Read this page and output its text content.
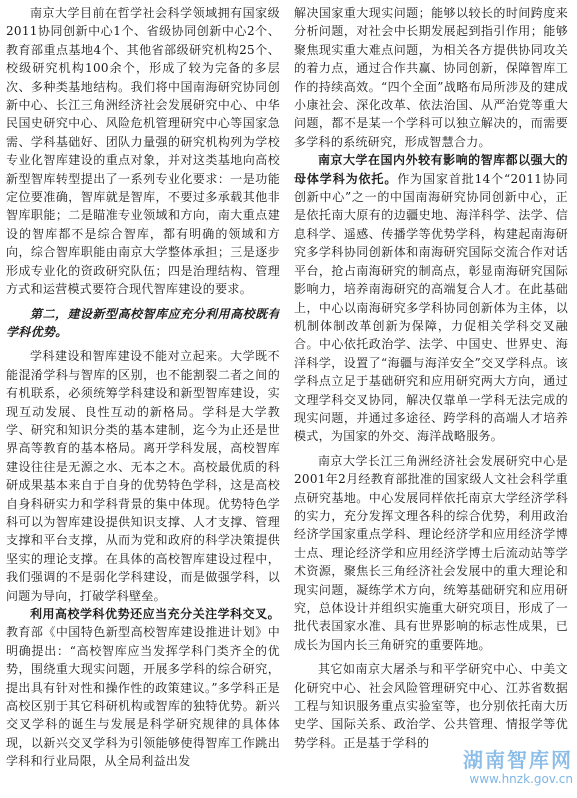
南京大学目前在哲学社会科学领域拥有国家级2011协同创新中心1个、省级协同创新中心2个、教育部重点基地4个、其他省部级研究机构25个、校级研究机构100余个，形成了较为完备的多层次、多种类基地结构。我们将中国南海研究协同创新中心、长江三角洲经济社会发展研究中心、中华民国史研究中心、风险危机管理研究中心等国家急需、学科基础好、团队力量强的研究机构列为学校专业化智库建设的重点对象，并对这类基地向高校新型智库转型提出了一系列专业化要求：一是功能定位要准确，智库就是智库，不要过多承载其他非智库职能；二是瞄准专业领域和方向，南大重点建设的智库都不是综合智库，都有明确的领域和方向，综合智库职能由南京大学整体承担；三是逐步形成专业化的资政研究队伍；四是治理结构、管理方式和运营模式要符合现代智库建设的要求。

第二，建设新型高校智库应充分利用高校既有学科优势。

学科建设和智库建设不能对立起来。大学既不能混淆学科与智库的区别，也不能割裂二者之间的有机联系，必须统筹学科建设和新型智库建设，实现互动发展、良性互动的新格局。学科是大学教学、研究和知识分类的基本建制，迄今为止还是世界高等教育的基本格局。离开学科发展，高校智库建设往往是无源之水、无本之木。高校最优质的科研成果基本来自于自身的优势特色学科，这是高校自身科研实力和学科背景的集中体现。优势特色学科可以为智库建设提供知识支撑、人才支撑、管理支撑和平台支撑，从而为党和政府的科学决策提供坚实的理论支撑。在具体的高校智库建设过程中，我们强调的不是弱化学科建设，而是做强学科，以问题为导向，打破学科壁垒。

利用高校学科优势还应当充分关注学科交叉。教育部《中国特色新型高校智库建设推进计划》中明确提出：“高校智库应当发挥学科门类齐全的优势，围绕重大现实问题，开展多学科的综合研究，提出具有针对性和操作性的政策建议。”多学科正是高校区别于其它科研机构或智库的独特优势。新兴交叉学科的诞生与发展是科学研究规律的具体体现，以新兴交叉学科为引领能够使得智库工作跳出学科和行业局限，从全局利益出发

解决国家重大现实问题；能够以较长的时间跨度来分析问题，对社会中长期发展起到指引作用；能够聚焦现实重大难点问题，为相关各方提供协同攻关的着力点，通过合作共赢、协同创新，保障智库工作的持续高效。“四个全面”战略布局所涉及的建成小康社会、深化改革、依法治国、从严治党等重大问题，都不是某一个学科可以独立解决的，而需要多学科的系统研究，形成智慧合力。

南京大学在国内外较有影响的智库都以强大的母体学科为依托。作为国家首批14个“2011协同创新中心”之一的中国南海研究协同创新中心，正是依托南大原有的边疆史地、海洋科学、法学、信息科学、遥感、传播学等优势学科，构建起南海研究多学科协同创新体和南海研究国际交流合作对话平台，抢占南海研究的制高点，彰显南海研究国际影响力，培养南海研究的高端复合人才。在此基础上，中心以南海研究多学科协同创新体为主体，以机制体制改革创新为保障，力促相关学科交叉融合。中心依托政治学、法学、中国史、世界史、海洋科学，设置了“海疆与海洋安全”交叉学科点。该学科点立足于基础研究和应用研究两大方向，通过文理学科交叉协同，解决仅靠单一学科无法完成的现实问题，并通过多途径、跨学科的高端人才培养模式，为国家的外交、海洋战略服务。

南京大学长江三角洲经济社会发展研究中心是2001年2月经教育部批准的国家级人文社会科学重点研究基地。中心发展同样依托南京大学经济学科的实力，充分发挥文理各科的综合优势，利用政治经济学国家重点学科、理论经济学和应用经济学博士点、理论经济学和应用经济学博士后流动站等学术资源，聚焦长三角经济社会发展中的重大理论和现实问题，凝练学术方向，统筹基础研究和应用研究，总体设计并组织实施重大研究项目，形成了一批代表国家水准、具有世界影响的标志性成果，已成长为国内长三角研究的重要阵地。

其它如南京大屠杀与和平学研究中心、中美文化研究中心、社会风险管理研究中心、江苏省数据工程与知识服务重点实验室等，也分别依托南大历史学、国际关系、政治学、公共管理、情报学等优势学科。正是基于学科的

湖南智库网
www.hnzk.gov.cn
